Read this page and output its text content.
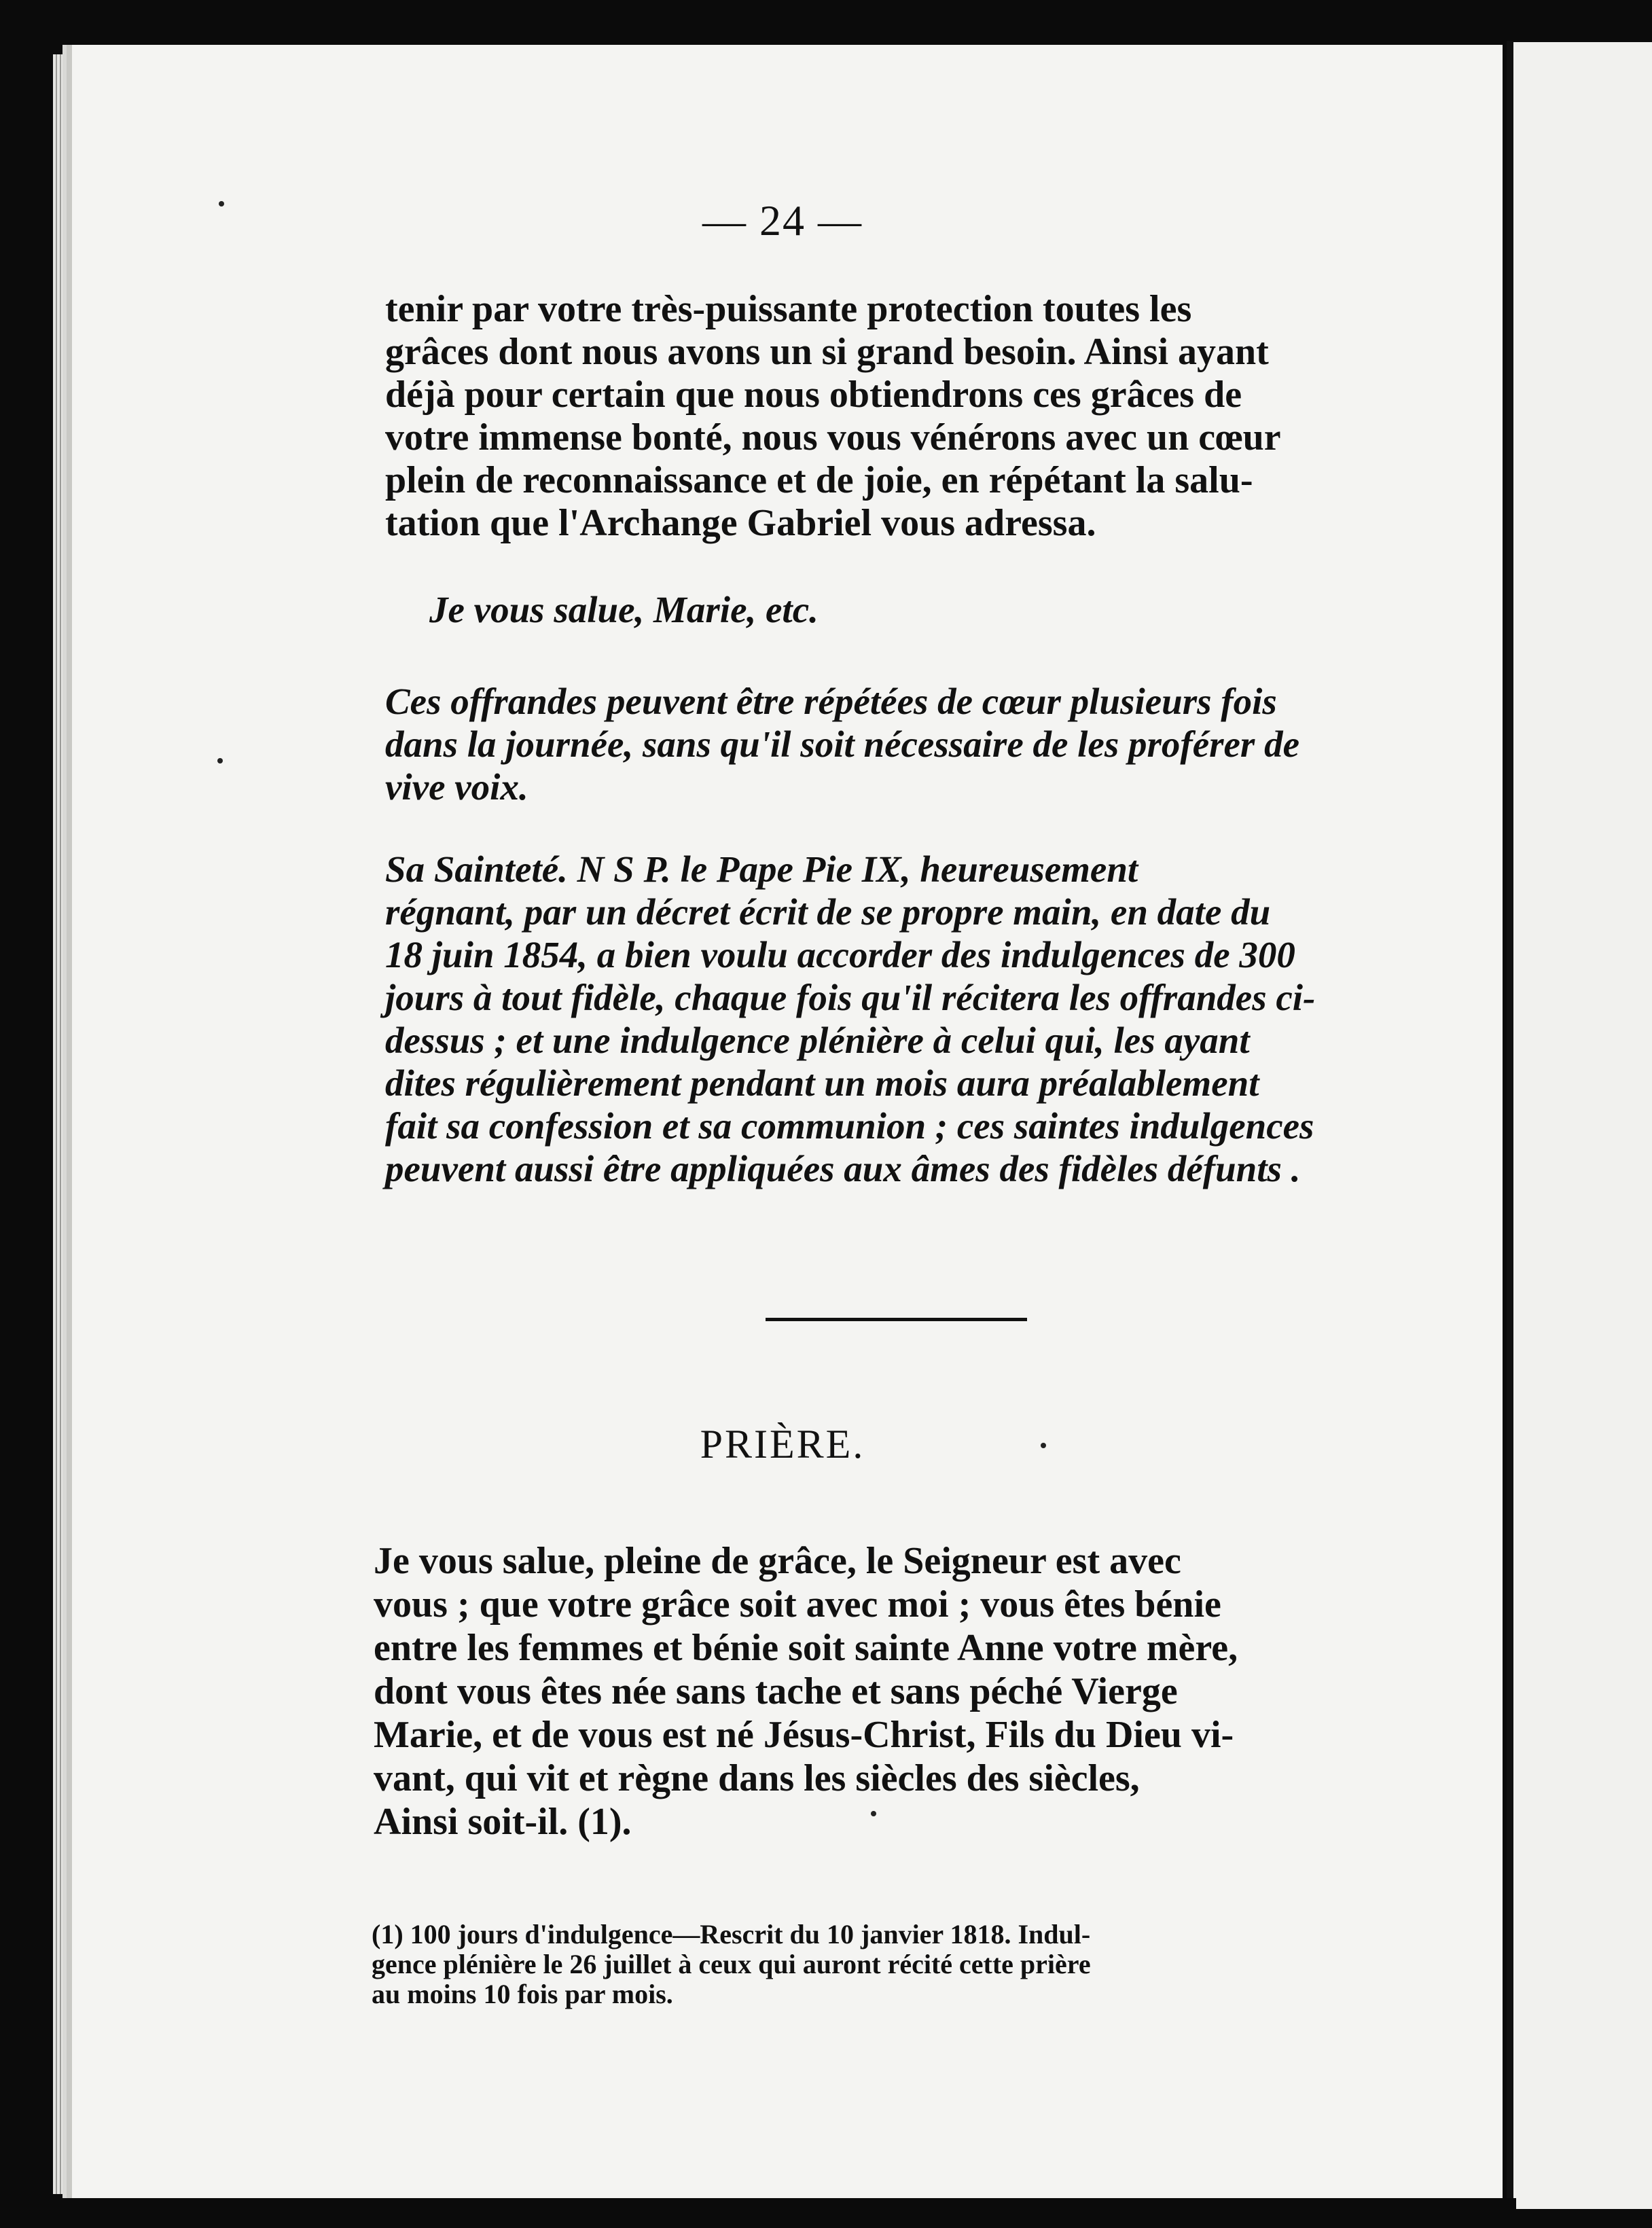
— 24 —
tenir par votre très-puissante protection toutes les
grâces dont nous avons un si grand besoin. Ainsi ayant
déjà pour certain que nous obtiendrons ces grâces de
votre immense bonté, nous vous vénérons avec un cœur
plein de reconnaissance et de joie, en répétant la salu-
tation que l'Archange Gabriel vous adressa.
Je vous salue, Marie, etc.
Ces offrandes peuvent être répétées de cœur plusieurs fois
dans la journée, sans qu'il soit nécessaire de les proférer de
vive voix.
Sa Sainteté. N S P. le Pape Pie IX, heureusement
régnant, par un décret écrit de se propre main, en date du
18 juin 1854, a bien voulu accorder des indulgences de 300
jours à tout fidèle, chaque fois qu'il récitera les offrandes ci-
dessus ; et une indulgence plénière à celui qui, les ayant
dites régulièrement pendant un mois aura préalablement
fait sa confession et sa communion ; ces saintes indulgences
peuvent aussi être appliquées aux âmes des fidèles défunts .
PRIÈRE.
Je vous salue, pleine de grâce, le Seigneur est avec
vous ; que votre grâce soit avec moi ; vous êtes bénie
entre les femmes et bénie soit sainte Anne votre mère,
dont vous êtes née sans tache et sans péché Vierge
Marie, et de vous est né Jésus-Christ, Fils du Dieu vi-
vant, qui vit et règne dans les siècles des siècles,
Ainsi soit-il. (1).
(1) 100 jours d'indulgence—Rescrit du 10 janvier 1818. Indul-
gence plénière le 26 juillet à ceux qui auront récité cette prière
au moins 10 fois par mois.
